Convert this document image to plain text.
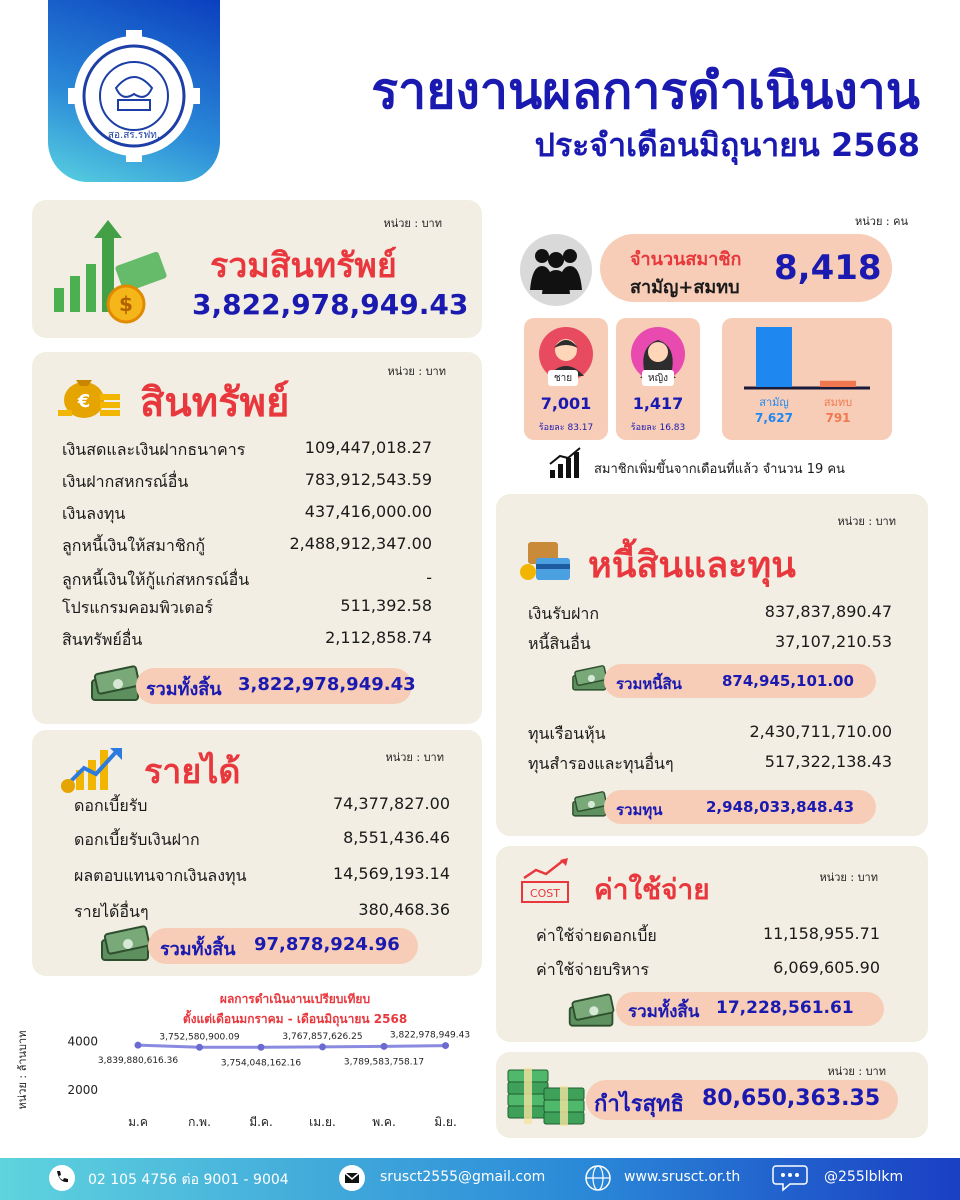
สอ.สร.รฟท.
รายงานผลการดำเนินงาน
ประจำเดือนมิถุนายน 2568
หน่วย : บาท
$
รวมสินทรัพย์
3,822,978,949.43
หน่วย : บาท
€ สินทรัพย์
เงินสดและเงินฝากธนาคาร	109,447,018.27
เงินฝากสหกรณ์อื่น	783,912,543.59
เงินลงทุน	437,416,000.00
ลูกหนี้เงินให้สมาชิกกู้	2,488,912,347.00
ลูกหนี้เงินให้กู้แก่สหกรณ์อื่น	-
โปรแกรมคอมพิวเตอร์	511,392.58
สินทรัพย์อื่น	2,112,858.74
รวมทั้งสิ้น 3,822,978,949.43
หน่วย : บาท
รายได้
ดอกเบี้ยรับ	74,377,827.00
ดอกเบี้ยรับเงินฝาก	8,551,436.46
ผลตอบแทนจากเงินลงทุน	14,569,193.14
รายได้อื่นๆ	380,468.36
รวมทั้งสิ้น 97,878,924.96
ผลการดำเนินงานเปรียบเทียบ
ตั้งแต่เดือนมกราคม - เดือนมิถุนายน 2568
หน่วย : ล้านบาท	4000
2000
3,839,880,616.36
ม.ค
3,752,580,900.09
ก.พ.
3,754,048,162.16
มี.ค.
3,767,857,626.25
เม.ย.
3,789,583,758.17
พ.ค.
3,822,978,949.43
มิ.ย.
หน่วย : คน
จำนวนสมาชิก
สามัญ+สมทบ 8,418
ชาย
7,001
ร้อยละ 83.17
หญิง
1,417
ร้อยละ 16.83
สามัญ
7,627
สมทบ
791
สมาชิกเพิ่มขึ้นจากเดือนที่แล้ว จำนวน 19 คน
หน่วย : บาท
หนี้สินและทุน
เงินรับฝาก	837,837,890.47
หนี้สินอื่น	37,107,210.53
รวมหนี้สิน	874,945,101.00
ทุนเรือนหุ้น	2,430,711,710.00
ทุนสำรองและทุนอื่นๆ	517,322,138.43
รวมทุน	2,948,033,848.43
หน่วย : บาท
COST ค่าใช้จ่าย
ค่าใช้จ่ายดอกเบี้ย	11,158,955.71
ค่าใช้จ่ายบริหาร	6,069,605.90
รวมทั้งสิ้น 17,228,561.61
หน่วย : บาท
กำไรสุทธิ 80,650,363.35
02 105 4756 ต่อ 9001 - 9004	srusct2555@gmail.com	www.srusct.or.th	@255lblkm
